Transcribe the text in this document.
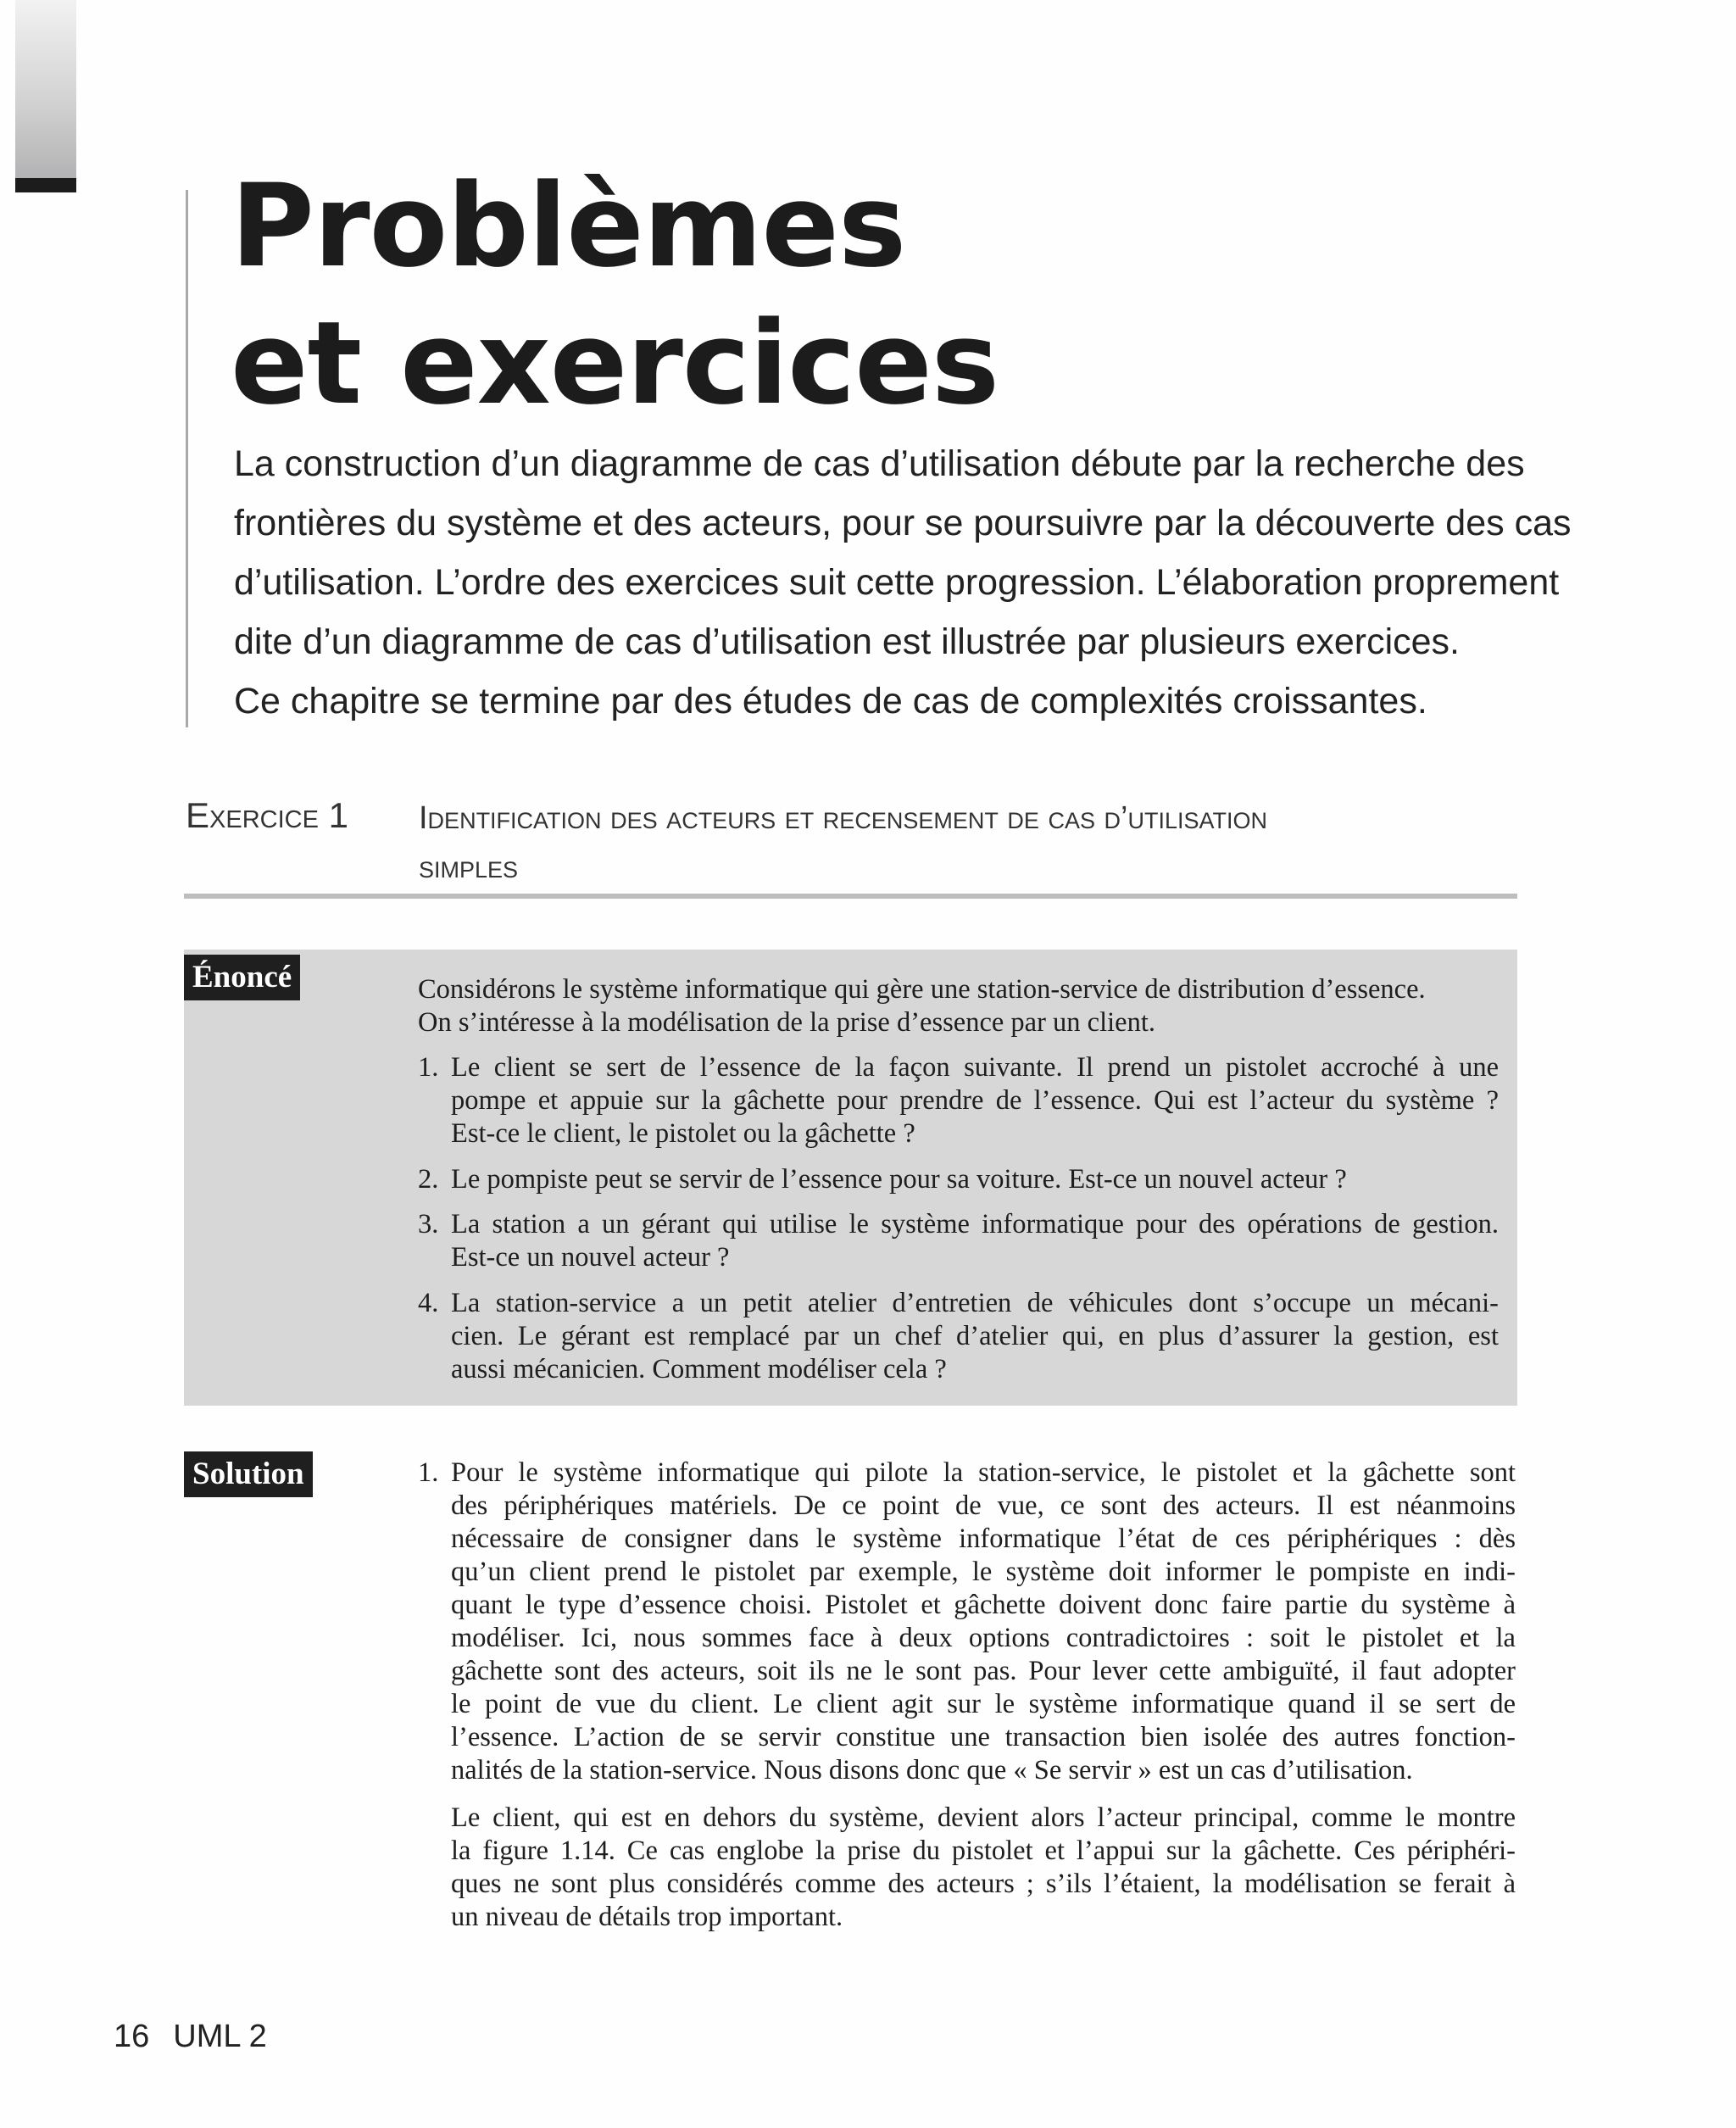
Problèmes
et exercices

La construction d’un diagramme de cas d’utilisation débute par la recherche des
frontières du système et des acteurs, pour se poursuivre par la découverte des cas
d’utilisation. L’ordre des exercices suit cette progression. L’élaboration proprement
dite d’un diagramme de cas d’utilisation est illustrée par plusieurs exercices.
Ce chapitre se termine par des études de cas de complexités croissantes.

Exercice 1 Identification des acteurs et recensement de cas d’utilisation
simples
Énoncé	Considérons le système informatique qui gère une station-service de distribution d’essence.
On s’intéresse à la modélisation de la prise d’essence par un client.
1. Le client se sert de l’essence de la façon suivante. Il prend un pistolet accroché à une
pompe et appuie sur la gâchette pour prendre de l’essence. Qui est l’acteur du système ?
Est-ce le client, le pistolet ou la gâchette ?
2. Le pompiste peut se servir de l’essence pour sa voiture. Est-ce un nouvel acteur ?
3. La station a un gérant qui utilise le système informatique pour des opérations de gestion.
Est-ce un nouvel acteur ?
4. La station-service a un petit atelier d’entretien de véhicules dont s’occupe un mécani-
cien. Le gérant est remplacé par un chef d’atelier qui, en plus d’assurer la gestion, est
aussi mécanicien. Comment modéliser cela ?
Solution	1. Pour le système informatique qui pilote la station-service, le pistolet et la gâchette sont
des périphériques matériels. De ce point de vue, ce sont des acteurs. Il est néanmoins
nécessaire de consigner dans le système informatique l’état de ces périphériques : dès
qu’un client prend le pistolet par exemple, le système doit informer le pompiste en indi-
quant le type d’essence choisi. Pistolet et gâchette doivent donc faire partie du système à
modéliser. Ici, nous sommes face à deux options contradictoires : soit le pistolet et la
gâchette sont des acteurs, soit ils ne le sont pas. Pour lever cette ambiguïté, il faut adopter
le point de vue du client. Le client agit sur le système informatique quand il se sert de
l’essence. L’action de se servir constitue une transaction bien isolée des autres fonction-
nalités de la station-service. Nous disons donc que « Se servir » est un cas d’utilisation.
Le client, qui est en dehors du système, devient alors l’acteur principal, comme le montre
la figure 1.14. Ce cas englobe la prise du pistolet et l’appui sur la gâchette. Ces périphéri-
ques ne sont plus considérés comme des acteurs ; s’ils l’étaient, la modélisation se ferait à
un niveau de détails trop important.
16 UML 2
